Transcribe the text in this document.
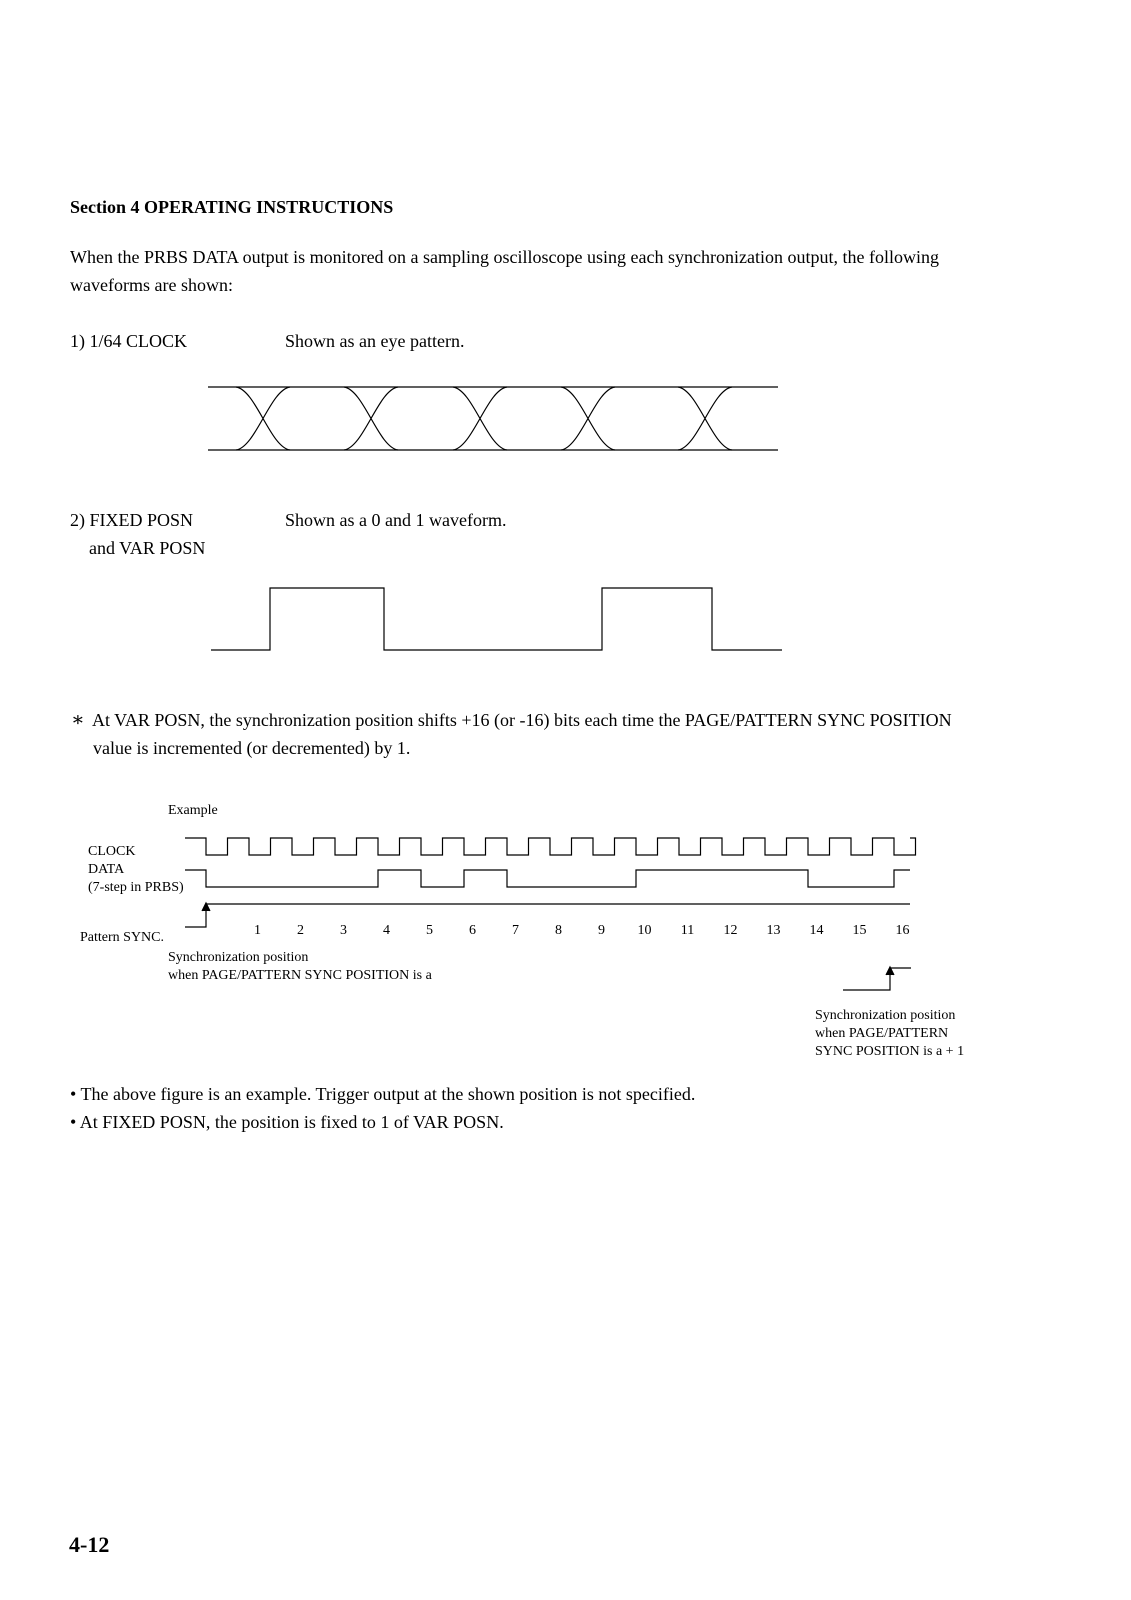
Section 4 OPERATING INSTRUCTIONS
When the PRBS DATA output is monitored on a sampling oscilloscope using each synchronization output, the following
waveforms are shown:
1) 1/64 CLOCK	Shown as an eye pattern.
2) FIXED POSN
and VAR POSN
Shown as a 0 and 1 waveform.
∗ At VAR POSN, the synchronization position shifts +16 (or -16) bits each time the PAGE/PATTERN SYNC POSITION
value is incremented (or decremented) by 1.
Example
CLOCK
DATA
(7-step in PRBS)
Pattern SYNC.	1	2	3	4	5	6	7	8	9 10 11 12 13 14 15 16
Synchronization position
when PAGE/PATTERN SYNC POSITION is a
Synchronization position
when PAGE/PATTERN
SYNC POSITION is a + 1
• The above figure is an example. Trigger output at the shown position is not specified.
• At FIXED POSN, the position is fixed to 1 of VAR POSN.
4-12
